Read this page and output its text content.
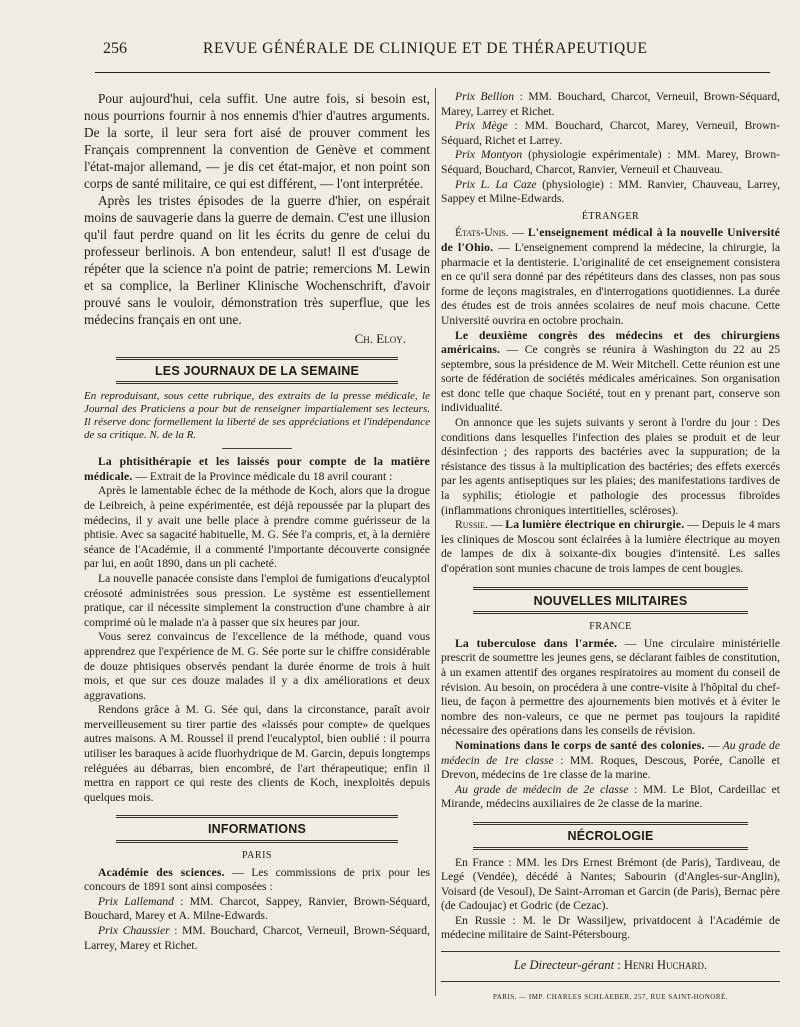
256	REVUE GÉNÉRALE DE CLINIQUE ET DE THÉRAPEUTIQUE

Pour aujourd'hui, cela suffit. Une autre fois, si besoin est, nous pourrions fournir à nos ennemis d'hier d'autres arguments. De la sorte, il leur sera fort aisé de prouver comment les Français comprennent la convention de Genève et comment l'état-major allemand, — je dis cet état-major, et non point son corps de santé militaire, ce qui est différent, — l'ont interprétée.

Après les tristes épisodes de la guerre d'hier, on espérait moins de sauvagerie dans la guerre de demain. C'est une illusion qu'il faut perdre quand on lit les écrits du genre de celui du professeur berlinois. A bon entendeur, salut! Il est d'usage de répéter que la science n'a point de patrie; remercions M. Lewin et sa complice, la Berliner Klinische Wochenschrift, d'avoir prouvé sans le vouloir, démonstration très superflue, que les médecins français en ont une.

Ch. Eloy.
LES JOURNAUX DE LA SEMAINE

En reproduisant, sous cette rubrique, des extraits de la presse médicale, le Journal des Praticiens a pour but de renseigner impartialement ses lecteurs. Il réserve donc formellement la liberté de ses appréciations et l'indépendance de sa critique. N. de la R.

La phtisithérapie et les laissés pour compte de la matière médicale. — Extrait de la Province médicale du 18 avril courant :

Après le lamentable échec de la méthode de Koch, alors que la drogue de Leibreich, à peine expérimentée, est déjà repoussée par la plupart des médecins, il y avait une belle place à prendre comme guérisseur de la phtisie. Avec sa sagacité habituelle, M. G. Sée l'a compris, et, à la dernière séance de l'Académie, il a commenté l'importante découverte consignée par lui, en août 1890, dans un pli cacheté.

La nouvelle panacée consiste dans l'emploi de fumigations d'eucalyptol créosoté administrées sous pression. Le système est essentiellement pratique, car il nécessite simplement la construction d'une chambre à air comprimé où le malade n'a à passer que six heures par jour.

Vous serez convaincus de l'excellence de la méthode, quand vous apprendrez que l'expérience de M. G. Sée porte sur le chiffre considérable de douze phtisiques observés pendant la durée énorme de trois à huit mois, et que sur ces douze malades il y a dix améliorations et deux aggravations.

Rendons grâce à M. G. Sée qui, dans la circonstance, paraît avoir merveilleusement su tirer partie des «laissés pour compte» de quelques autres maisons. A M. Roussel il prend l'eucalyptol, bien oublié : il pourra utiliser les baraques à acide fluorhydrique de M. Garcin, depuis longtemps reléguées au débarras, bien encombré, de l'art thérapeutique; enfin il mettra en rapport ce qui reste des clients de Koch, inexploités depuis quelques mois.

INFORMATIONS
PARIS

Académie des sciences. — Les commissions de prix pour les concours de 1891 sont ainsi composées :

Prix Lallemand : MM. Charcot, Sappey, Ranvier, Brown-Séquard, Bouchard, Marey et A. Milne-Edwards.

Prix Chaussier : MM. Bouchard, Charcot, Verneuil, Brown-Séquard, Larrey, Marey et Richet.

Prix Bellion : MM. Bouchard, Charcot, Verneuil, Brown-Séquard, Marey, Larrey et Richet.

Prix Mège : MM. Bouchard, Charcot, Marey, Verneuil, Brown-Séquard, Richet et Larrey.

Prix Montyon (physiologie expérimentale) : MM. Marey, Brown-Séquard, Bouchard, Charcot, Ranvier, Verneuil et Chauveau.

Prix L. La Caze (physiologie) : MM. Ranvier, Chauveau, Larrey, Sappey et Milne-Edwards.

ÉTRANGER

États-Unis. — L'enseignement médical à la nouvelle Université de l'Ohio. — L'enseignement comprend la médecine, la chirurgie, la pharmacie et la dentisterie. L'originalité de cet enseignement consistera en ce qu'il sera donné par des répétiteurs dans des classes, non pas sous forme de leçons magistrales, en d'interrogations quotidiennes. La durée des études est de trois années scolaires de neuf mois chacune. Cette Université ouvrira en octobre prochain.

Le deuxième congrès des médecins et des chirurgiens américains. — Ce congrès se réunira à Washington du 22 au 25 septembre, sous la présidence de M. Weir Mitchell. Cette réunion est une sorte de fédération de sociétés médicales américaines. Son organisation est donc telle que chaque Société, tout en y prenant part, conserve son individualité.

On annonce que les sujets suivants y seront à l'ordre du jour : Des conditions dans lesquelles l'infection des plaies se produit et de leur désinfection ; des rapports des bactéries avec la suppuration; de la résistance des tissus à la multiplication des bactéries; des effets exercés par les agents antiseptiques sur les plaies; des manifestations tardives de la syphilis; étiologie et pathologie des processus fibroïdes (inflammations chroniques intertitielles, scléroses).

Russie. — La lumière électrique en chirurgie. — Depuis le 4 mars les cliniques de Moscou sont éclairées à la lumière électrique au moyen de lampes de dix à soixante-dix bougies d'intensité. Les salles d'opération sont munies chacune de trois lampes de cent bougies.

NOUVELLES MILITAIRES
FRANCE

La tuberculose dans l'armée. — Une circulaire ministérielle prescrit de soumettre les jeunes gens, se déclarant faibles de constitution, à un examen attentif des organes respiratoires au moment du conseil de révision. Au besoin, on procédera à une contre-visite à l'hôpital du chef-lieu, de façon à permettre des ajournements bien motivés et à éviter le nombre des non-valeurs, ce que ne permet pas toujours la rapidité nécessaire des opérations dans les conseils de révision.

Nominations dans le corps de santé des colonies. — Au grade de médecin de 1re classe : MM. Roques, Descous, Porée, Canolle et Drevon, médecins de 1re classe de la marine.

Au grade de médecin de 2e classe : MM. Le Blot, Cardeillac et Mirande, médecins auxiliaires de 2e classe de la marine.

NÉCROLOGIE

En France : MM. les Drs Ernest Brémont (de Paris), Tardiveau, de Legé (Vendée), décédé à Nantes; Sabourin (d'Angles-sur-Anglin), Voisard (de Vesoul), De Saint-Arroman et Garcin (de Paris), Bernac père (de Cadoujac) et Godric (de Cezac).

En Russie : M. le Dr Wassiljew, privatdocent à l'Académie de médecine militaire de Saint-Pétersbourg.

Le Directeur-gérant : Henri Huchard.
PARIS. — IMP. CHARLES SCHLAEBER, 257, RUE SAINT-HONORÉ.
